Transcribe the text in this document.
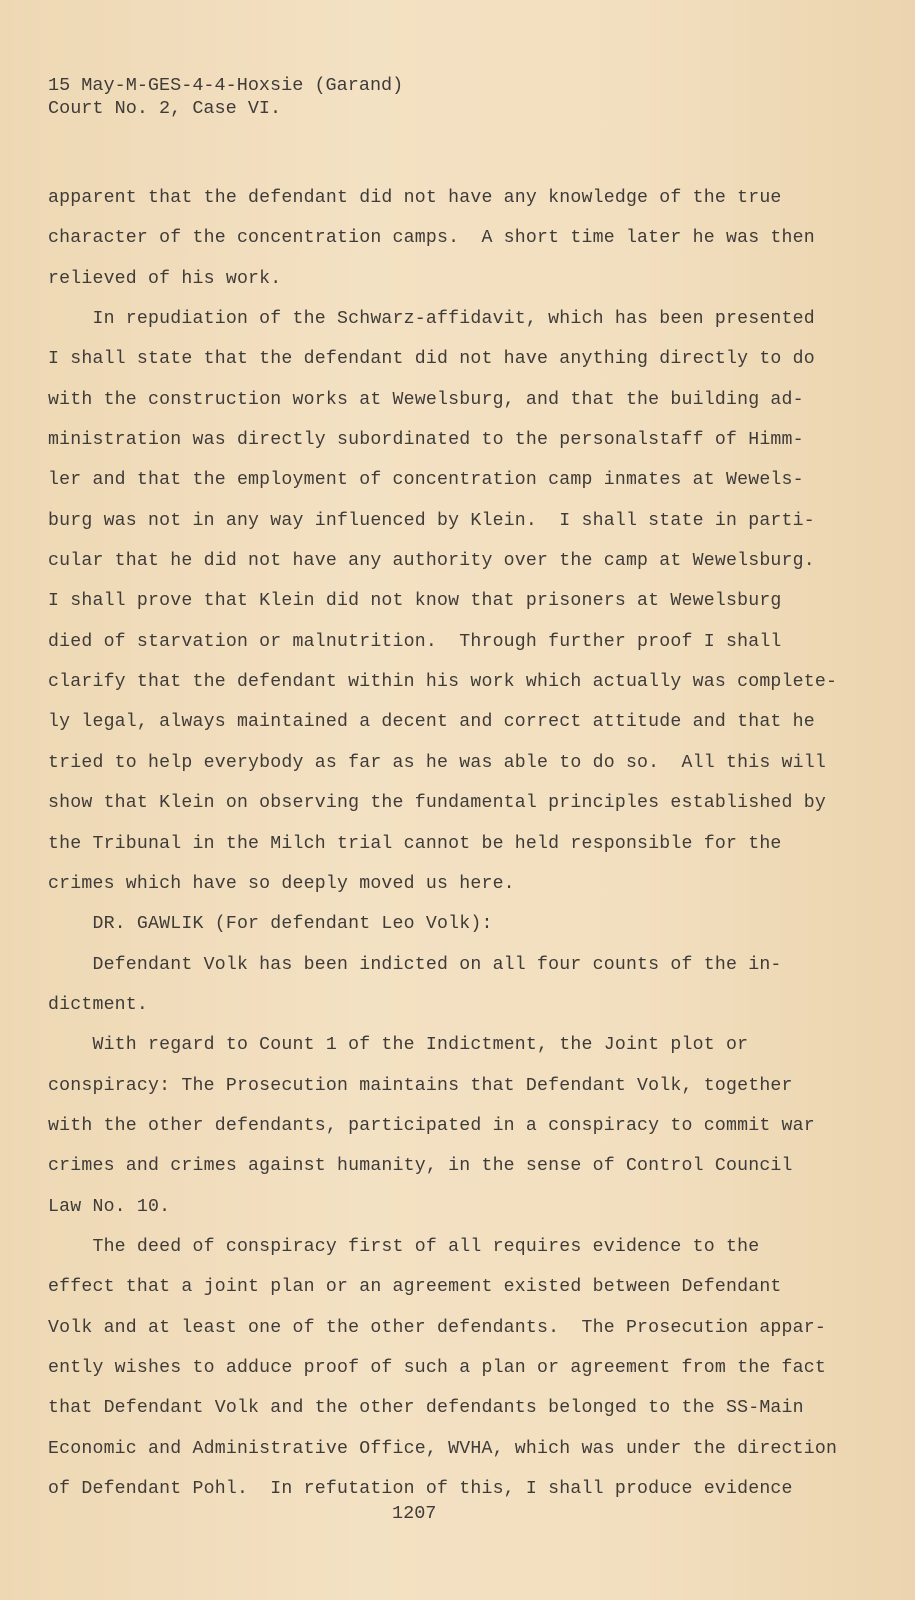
15 May-M-GES-4-4-Hoxsie (Garand)
Court No. 2, Case VI.
apparent that the defendant did not have any knowledge of the true
character of the concentration camps.  A short time later he was then
relieved of his work.
In repudiation of the Schwarz-affidavit, which has been presented
I shall state that the defendant did not have anything directly to do
with the construction works at Wewelsburg, and that the building ad-
ministration was directly subordinated to the personalstaff of Himm-
ler and that the employment of concentration camp inmates at Wewels-
burg was not in any way influenced by Klein.  I shall state in parti-
cular that he did not have any authority over the camp at Wewelsburg.
I shall prove that Klein did not know that prisoners at Wewelsburg
died of starvation or malnutrition.  Through further proof I shall
clarify that the defendant within his work which actually was complete-
ly legal, always maintained a decent and correct attitude and that he
tried to help everybody as far as he was able to do so.  All this will
show that Klein on observing the fundamental principles established by
the Tribunal in the Milch trial cannot be held responsible for the
crimes which have so deeply moved us here.
DR. GAWLIK (For defendant Leo Volk):
Defendant Volk has been indicted on all four counts of the in-
dictment.
With regard to Count 1 of the Indictment, the Joint plot or
conspiracy: The Prosecution maintains that Defendant Volk, together
with the other defendants, participated in a conspiracy to commit war
crimes and crimes against humanity, in the sense of Control Council
Law No. 10.
The deed of conspiracy first of all requires evidence to the
effect that a joint plan or an agreement existed between Defendant
Volk and at least one of the other defendants.  The Prosecution appar-
ently wishes to adduce proof of such a plan or agreement from the fact
that Defendant Volk and the other defendants belonged to the SS-Main
Economic and Administrative Office, WVHA, which was under the direction
of Defendant Pohl.  In refutation of this, I shall produce evidence
1207
